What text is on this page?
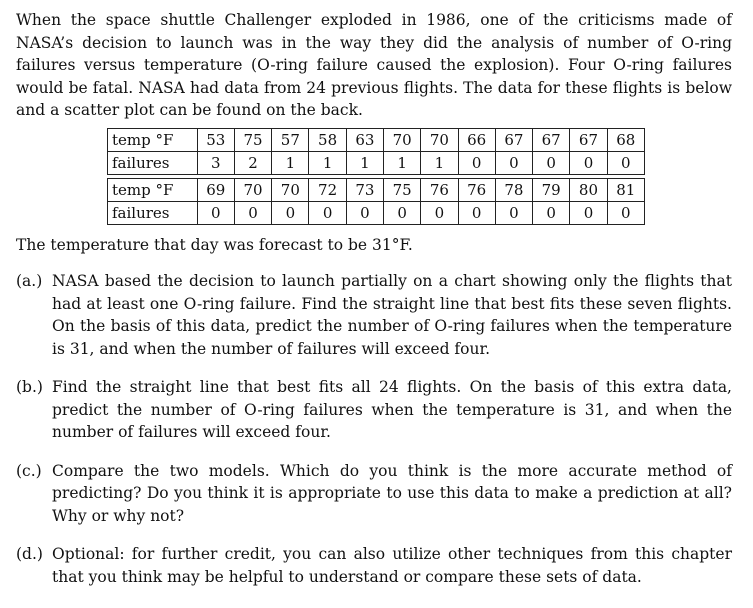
When the space shuttle Challenger exploded in 1986, one of the criticisms made of NASA’s decision to launch was in the way they did the analysis of number of O-ring failures versus temperature (O-ring failure caused the explosion). Four O-ring failures would be fatal. NASA had data from 24 previous flights. The data for these flights is below and a scatter plot can be found on the back.

temp °F	53	75	57	58	63	70	70	66	67	67	67	68
failures	3	2	1	1	1	1	1	0	0	0	0	0
temp °F	69	70	70	72	73	75	76	76	78	79	80	81
failures	0	0	0	0	0	0	0	0	0	0	0	0

The temperature that day was forecast to be 31°F.

(a.) NASA based the decision to launch partially on a chart showing only the flights that had at least one O-ring failure. Find the straight line that best fits these seven flights. On the basis of this data, predict the number of O-ring failures when the temperature is 31, and when the number of failures will exceed four.
(b.) Find the straight line that best fits all 24 flights. On the basis of this extra data, predict the number of O-ring failures when the temperature is 31, and when the number of failures will exceed four.
(c.) Compare the two models. Which do you think is the more accurate method of predicting? Do you think it is appropriate to use this data to make a prediction at all? Why or why not?
(d.) Optional: for further credit, you can also utilize other techniques from this chapter that you think may be helpful to understand or compare these sets of data.
